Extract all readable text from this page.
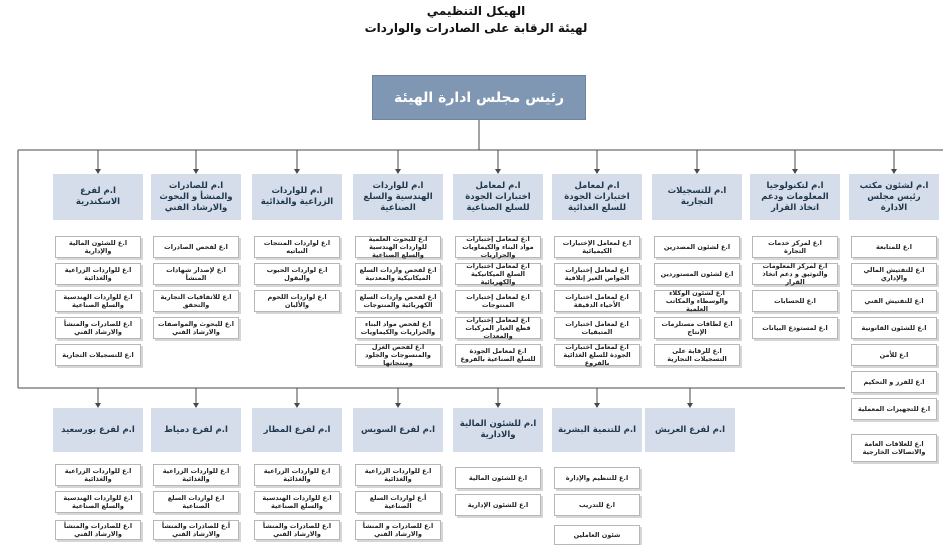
الهيكل التنظيمي
لهيئة الرقابة على الصادرات والواردات
رئيس مجلس ادارة الهيئة
ا.م لشئون مكتب رئيس مجلس الادارة
ا.ع للمتابعة
ا.ع للتفتيش المالي والإداري
ا.ع للتفتيش الفني
ا.ع للشئون القانونية
ا.ع للأمن
ا.ع للفرز و التحكيم
ا.ع للتجهيزات المعملية
ا.ع للعلاقات العامة والاتصالات الخارجية
ا.م لتكنولوجيا المعلومات ودعم اتخاذ القرار
ا.ع لمركز خدمات التجارة
ا.ع لمركز المعلومات والتوثيق و دعم اتخاذ القرار
ا.ع للحسابات
ا.ع لمستودع البيانات
ا.م للتسجيلات التجارية
ا.ع لشئون المصدرين
ا.ع لشئون المستوردين
ا.ع لشئون الوكلاء والوسطاء والمكاتب العلمية
ا.ع لطاقات مستلزمات الإنتاج
ا.ع للرقابة على التسجيلات التجارية
ا.م لمعامل اختبارات الجودة للسلع الغذائية
ا.ع لمعامل الإختبارات الكيميائية
ا.ع لمعامل إختبارات الخواص الغير إتلافية
ا.ع لمعامل اختبارات الأحياء الدقيقة
ا.ع لمعامل اختبارات المتبقيات
ا.ع لمعامل اختبارات الجودة للسلع الغذائية بالفروع
ا.م لمعامل اختبارات الجودة للسلع الصناعية
ا.ع لمعامل إختبارات مواد البناء والكيماويات والحراريات
ا.ع لمعامل اختبارات السلع الميكانيكية والكهربائية
ا.ع لمعامل إختبارات المنتوجات
ا.ع لمعامل إختبارات قطع الغيار المركبات والمعدات
ا.ع لمعامل الجودة للسلع الصناعية بالفروع
ا.م للواردات الهندسية والسلع الصناعية
ا.ع للبحوث العلمية للواردات الهندسية والسلع الصناعية
ا.ع لفحص واردات السلع الميكانيكية والمعدنية
ا.ع لفحص واردات السلع الكهربائية والمنتوجات
ا.ع لفحص مواد البناء والحراريات والكيماويات
ا.ع لفحص الغزل والمنسوجات والجلود ومنتجاتها
ا.م للواردات الزراعية والغذائية
ا.ع لواردات المنتجات النباتيه
ا.ع لواردات الحبوب والبقول
ا.ع لواردات اللحوم والألبان
ا.م للصادرات والمنشأ و البحوث والارشاد الفني
ا.ع لفحص الصادرات
ا.ع لإصدار شهادات المنشأ
ا.ع للاتفاقيات التجارية والتحقق
ا.ع للبحوث والمواصفات والارشاد الفني
ا.م لفرع الاسكندرية
ا.ع للشئون المالية والإدارية
ا.ع للواردات الزراعية والغذائية
ا.ع للواردات الهندسية والسلع الصناعية
ا.ع للصادرات والمنشأ والارشاد الفني
ا.ع للتسجيلات التجارية
ا.م لفرع العريش
ا.م للتنمية البشرية
ا.ع للتنظيم والإدارة
ا.ع للتدريب
شئون العاملين
ا.م للشئون المالية والادارية
ا.ع للشئون المالية
ا.ع للشئون الإدارية
ا.م لفرع السويس
ا.ع للواردات الزراعية والغذائية
أ.ع لواردات السلع الصناعية
ا.ع للصادرات و المنشأ والارشاد الفني
ا.م لفرع المطار
ا.ع للواردات الزراعية والغذائية
ا.ع للواردات الهندسية والسلع الصناعية
ا.ع للصادرات والمنشأ والارشاد الفني
ا.م لفرع دمياط
ا.ع للواردات الزراعية والغذائية
ا.ع لواردات السلع الصناعية
أ.ع للصادرات والمنشأ والارشاد الفني
ا.م لفرع بورسعيد
ا.ع للواردات الزراعية والغذائية
ا.ع للواردات الهندسية والسلع الصناعية
ا.ع للصادرات والمنشأ والارشاد الفني
